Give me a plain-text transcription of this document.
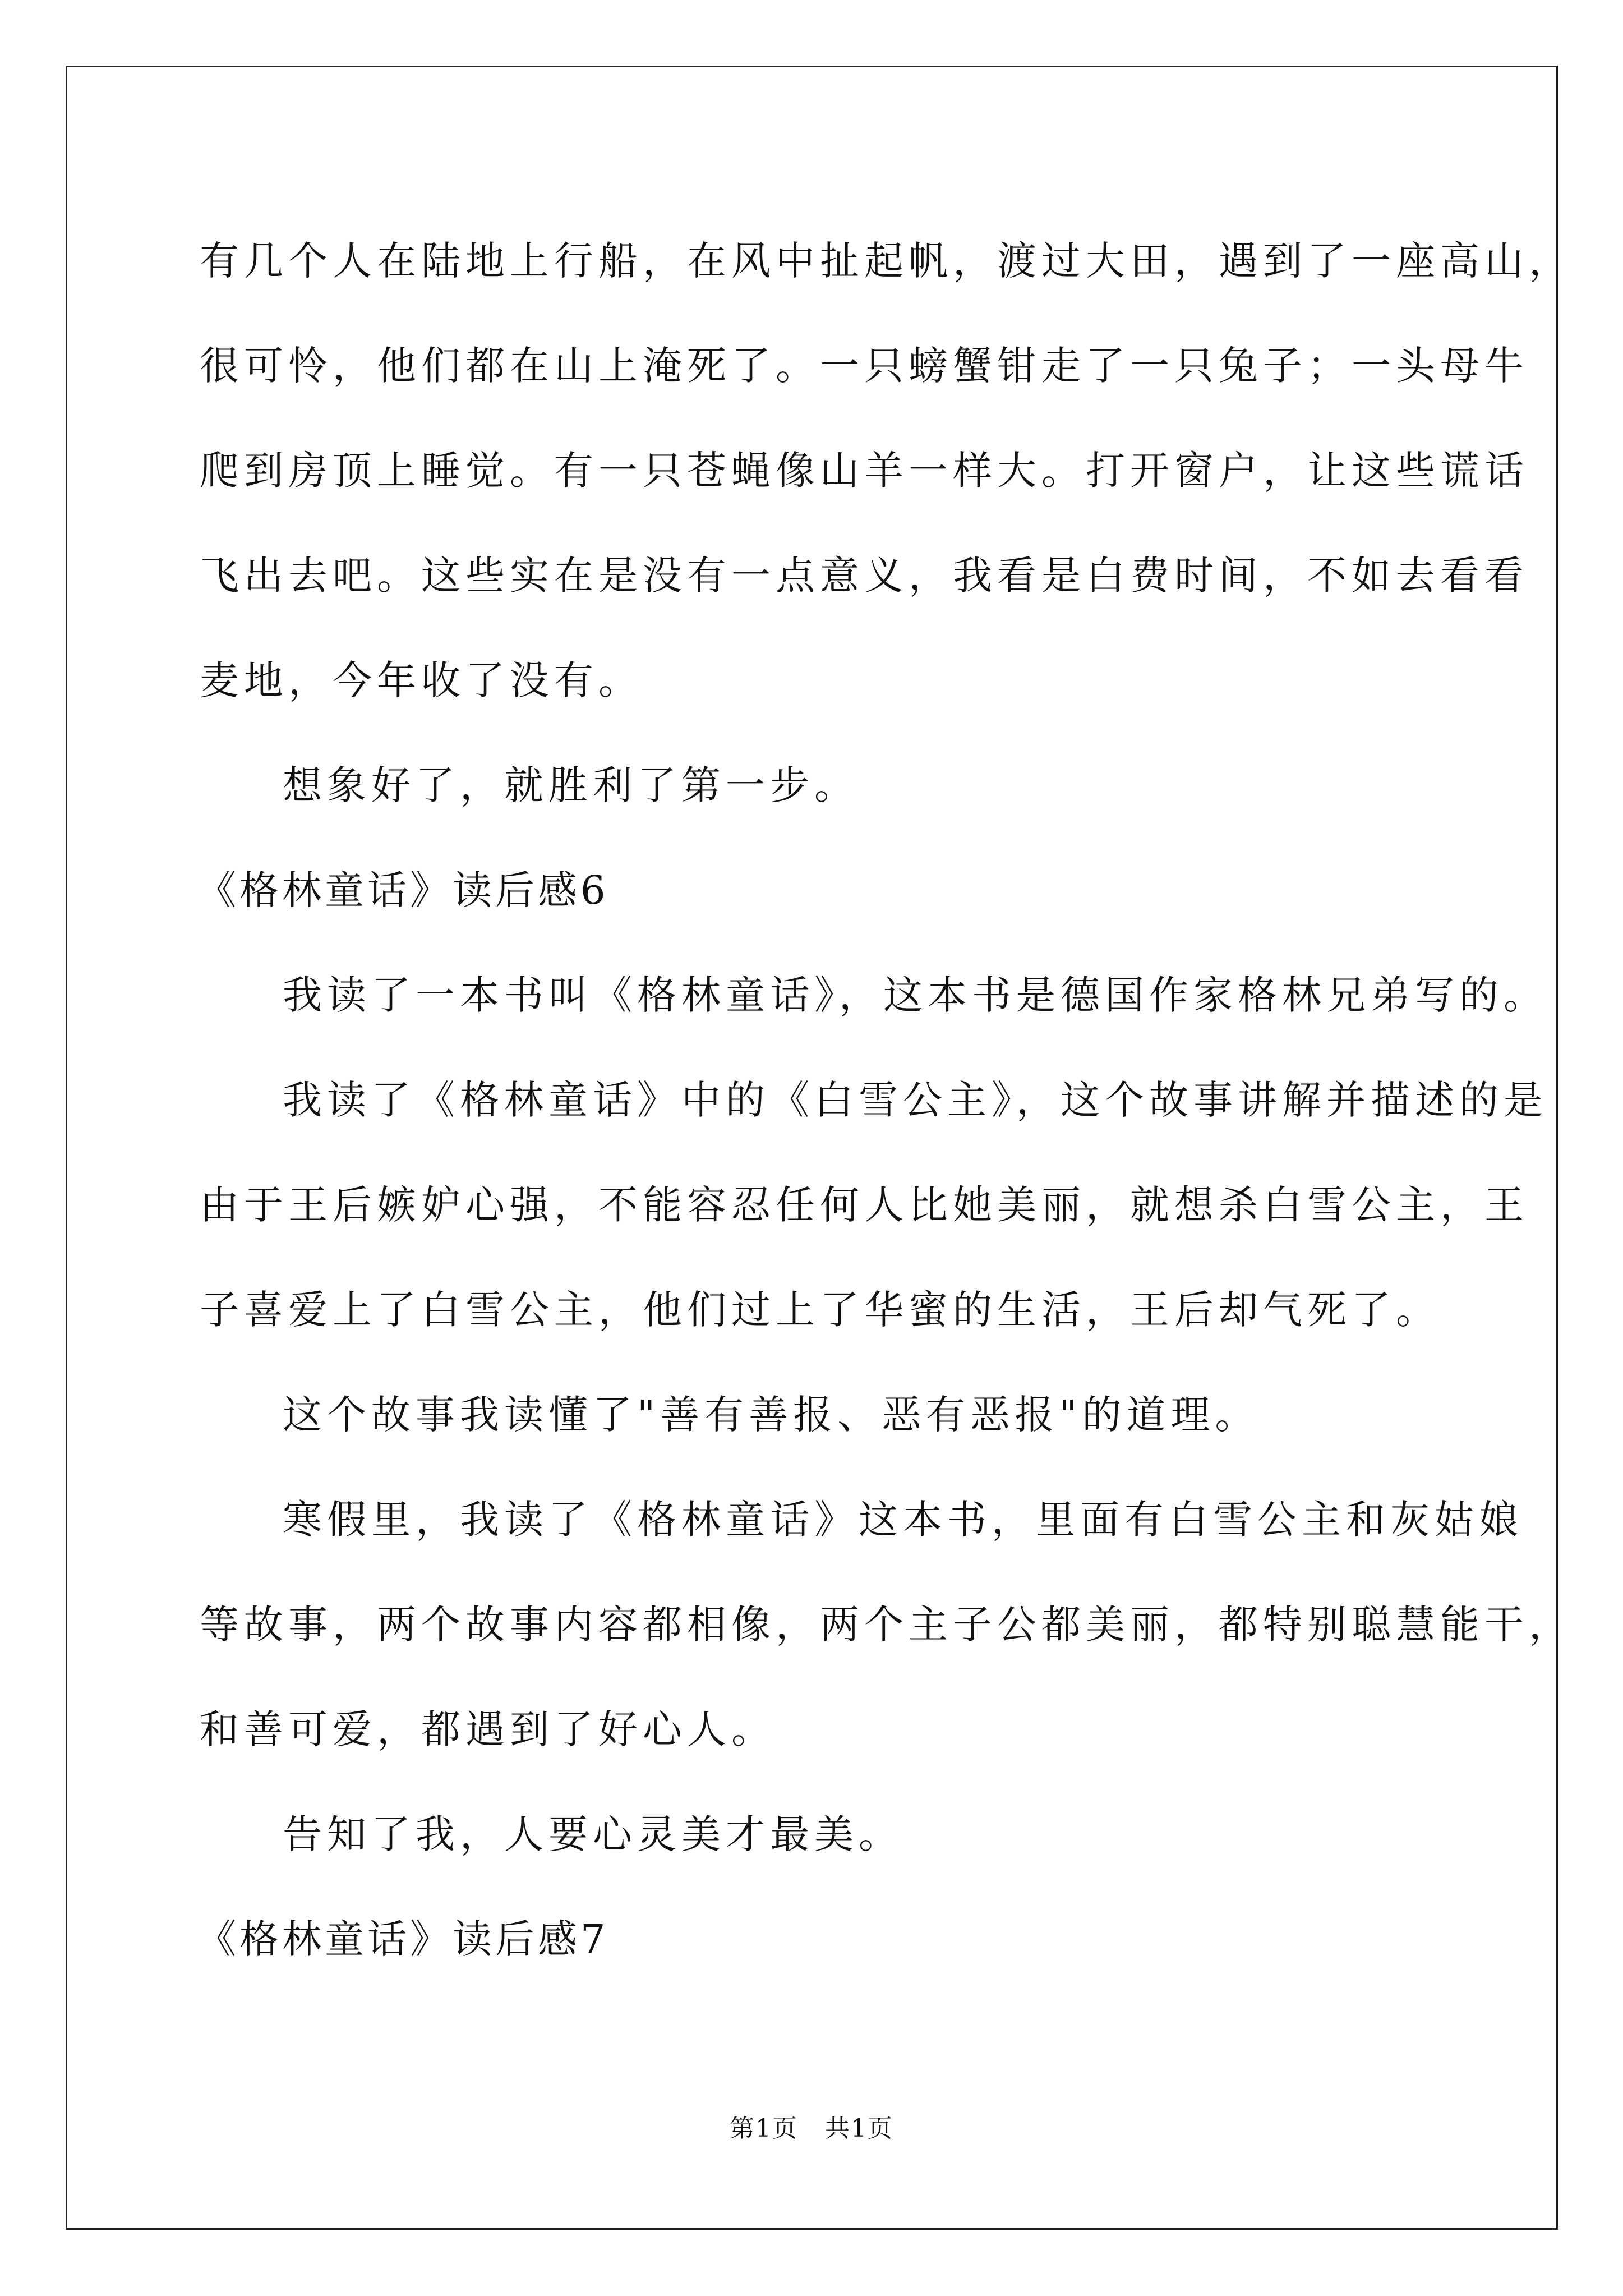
有几个人在陆地上行船，在风中扯起帆，渡过大田，遇到了一座高山，
很可怜，他们都在山上淹死了。一只螃蟹钳走了一只兔子；一头母牛
爬到房顶上睡觉。有一只苍蝇像山羊一样大。打开窗户，让这些谎话
飞出去吧。这些实在是没有一点意义，我看是白费时间，不如去看看
麦地，今年收了没有。
想象好了，就胜利了第一步。
《格林童话》读后感6
我读了一本书叫《格林童话》，这本书是德国作家格林兄弟写的。
我读了《格林童话》中的《白雪公主》，这个故事讲解并描述的是
由于王后嫉妒心强，不能容忍任何人比她美丽，就想杀白雪公主，王
子喜爱上了白雪公主，他们过上了华蜜的生活，王后却气死了。
这个故事我读懂了"善有善报、恶有恶报"的道理。
寒假里，我读了《格林童话》这本书，里面有白雪公主和灰姑娘
等故事，两个故事内容都相像，两个主子公都美丽，都特别聪慧能干，
和善可爱，都遇到了好心人。
告知了我，人要心灵美才最美。
《格林童话》读后感7
第1页 共1页
